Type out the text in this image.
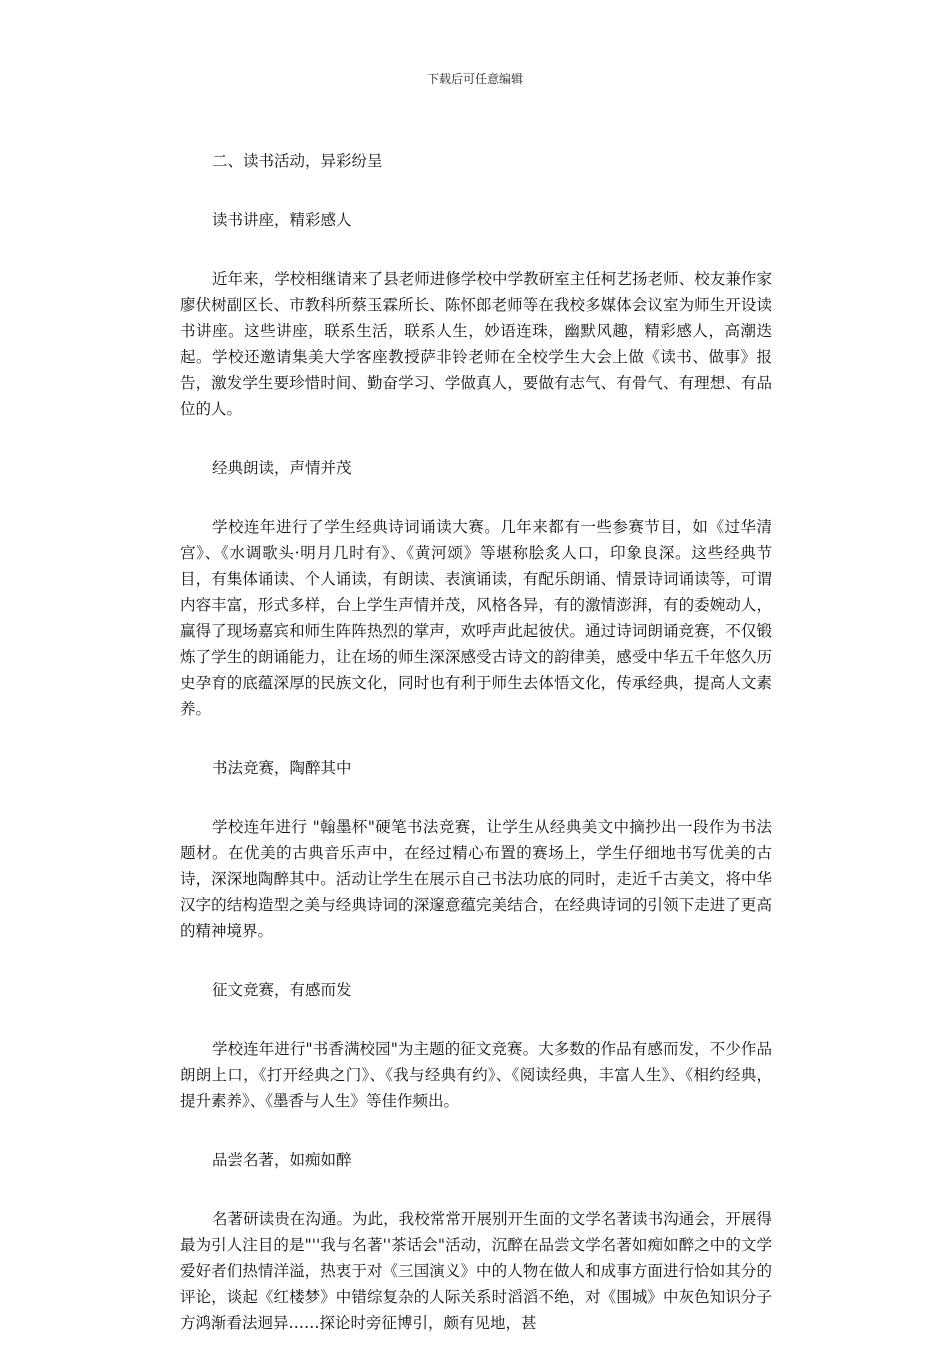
下载后可任意编辑
二、读书活动，异彩纷呈
读书讲座，精彩感人
近年来，学校相继请来了县老师进修学校中学教研室主任柯艺扬老师、校友兼作家廖伏树副区长、市教科所蔡玉霖所长、陈怀郎老师等在我校多媒体会议室为师生开设读书讲座。这些讲座，联系生活，联系人生，妙语连珠，幽默风趣，精彩感人，高潮迭起。学校还邀请集美大学客座教授萨非铃老师在全校学生大会上做《读书、做事》报告，激发学生要珍惜时间、勤奋学习、学做真人，要做有志气、有骨气、有理想、有品位的人。
经典朗读，声情并茂
学校连年进行了学生经典诗词诵读大赛。几年来都有一些参赛节目，如《过华清宫》、《水调歌头·明月几时有》、《黄河颂》等堪称脍炙人口，印象良深。这些经典节目，有集体诵读、个人诵读，有朗读、表演诵读，有配乐朗诵、情景诗词诵读等，可谓内容丰富，形式多样，台上学生声情并茂，风格各异，有的激情澎湃，有的委婉动人，赢得了现场嘉宾和师生阵阵热烈的掌声，欢呼声此起彼伏。通过诗词朗诵竞赛，不仅锻炼了学生的朗诵能力，让在场的师生深深感受古诗文的韵律美，感受中华五千年悠久历史孕育的底蕴深厚的民族文化，同时也有利于师生去体悟文化，传承经典，提高人文素养。
书法竞赛，陶醉其中
学校连年进行 "翰墨杯"硬笔书法竞赛，让学生从经典美文中摘抄出一段作为书法题材。在优美的古典音乐声中，在经过精心布置的赛场上，学生仔细地书写优美的古诗，深深地陶醉其中。活动让学生在展示自己书法功底的同时，走近千古美文，将中华汉字的结构造型之美与经典诗词的深邃意蕴完美结合，在经典诗词的引领下走进了更高的精神境界。
征文竞赛，有感而发
学校连年进行"书香满校园"为主题的征文竞赛。大多数的作品有感而发，不少作品朗朗上口，《打开经典之门》、《我与经典有约》、《阅读经典，丰富人生》、《相约经典，提升素养》、《墨香与人生》等佳作频出。
品尝名著，如痴如醉
名著研读贵在沟通。为此，我校常常开展别开生面的文学名著读书沟通会，开展得最为引人注目的是"''我与名著''茶话会"活动，沉醉在品尝文学名著如痴如醉之中的文学爱好者们热情洋溢，热衷于对《三国演义》中的人物在做人和成事方面进行恰如其分的评论，谈起《红楼梦》中错综复杂的人际关系时滔滔不绝，对《围城》中灰色知识分子方鸿渐看法迥异……探论时旁征博引，颇有见地，甚
